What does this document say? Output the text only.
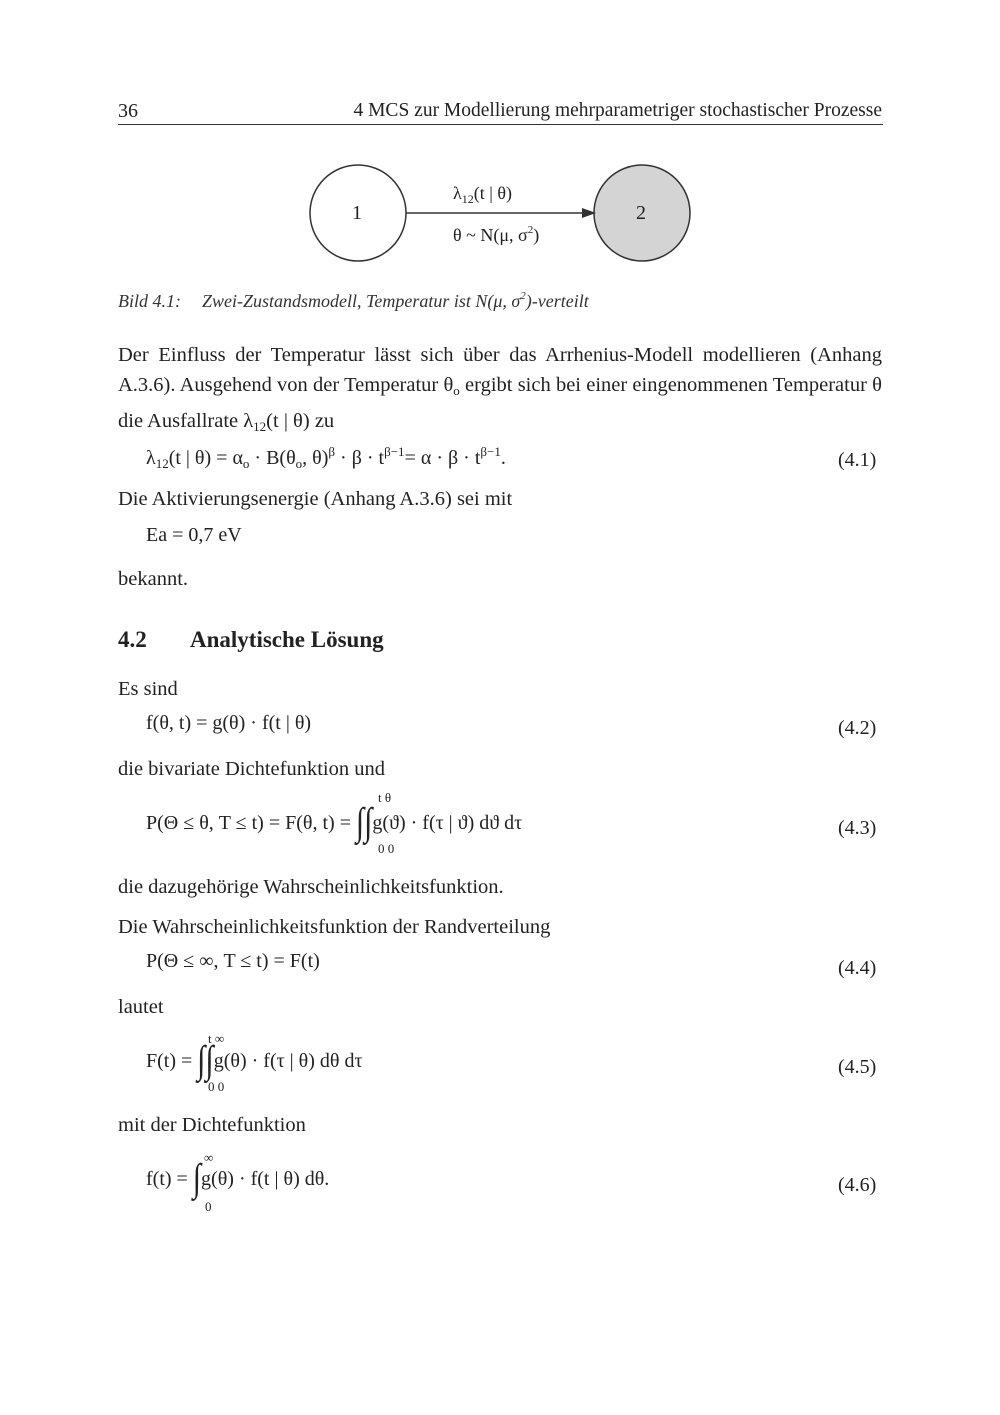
36	4 MCS zur Modellierung mehrparametriger stochastischer Prozesse
1	2
$\lambda_{12}(t$ | θ)
θ ~ N(μ, $\sigma^2$)
Bild 4.1: Zwei-Zustandsmodell, Temperatur ist N(μ, $\sigma^2$)-verteilt
Der Einfluss der Temperatur lässt sich über das Arrhenius-Modell modellieren (Anhang A.3.6). Ausgehend von der Temperatur $\theta_o$ ergibt sich bei einer eingenommenen Temperatur θ die Ausfallrate $\lambda_{12}(t$ | θ) zu
$\lambda_{12}(t$ | $\theta) = \alpha_o \cdot B(\theta_o$, $\theta)^\beta \cdot \beta \cdot t^{\beta-1}= \alpha \cdot \beta \cdot t^{\beta-1}$.	(4.1)
Die Aktivierungsenergie (Anhang A.3.6) sei mit
Ea = 0,7 eV
bekannt.
4.2 Analytische Lösung
Es sind
f(θ, t) = g(θ) · f(t | θ)	(4.2)
die bivariate Dichtefunktion und
P(Θ ≤ θ, T ≤ t) = F(θ, t) = ∫∫g(ϑ) · f(τ | ϑ) dϑ dτ
t θ
0 0
(4.3)
die dazugehörige Wahrscheinlichkeitsfunktion.
Die Wahrscheinlichkeitsfunktion der Randverteilung
P(Θ ≤ ∞, T ≤ t) = F(t)	(4.4)
lautet
F(t) = ∫∫g(θ) · f(τ | θ) dθ dτ
t ∞
0 0
(4.5)
mit der Dichtefunktion
f(t) = ∫g(θ) · f(t | θ) dθ.
∞
0
(4.6)
